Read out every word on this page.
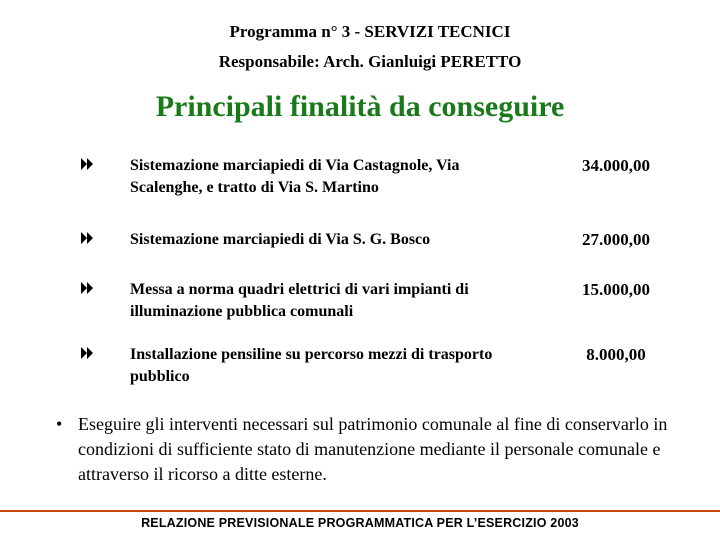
Programma n° 3 - SERVIZI TECNICI
Responsabile: Arch. Gianluigi PERETTO
Principali finalità da conseguire
Sistemazione marciapiedi di Via Castagnole, Via Scalenghe, e tratto di Via S. Martino
34.000,00
Sistemazione marciapiedi di Via S. G. Bosco	27.000,00
Messa a norma quadri elettrici di vari impianti di illuminazione pubblica comunali
15.000,00
Installazione pensiline su percorso mezzi di trasporto pubblico
8.000,00
• Eseguire gli interventi necessari sul patrimonio comunale al fine di conservarlo in condizioni di sufficiente stato di manutenzione mediante il personale comunale e attraverso il ricorso a ditte esterne.
RELAZIONE PREVISIONALE PROGRAMMATICA PER L’ESERCIZIO 2003
